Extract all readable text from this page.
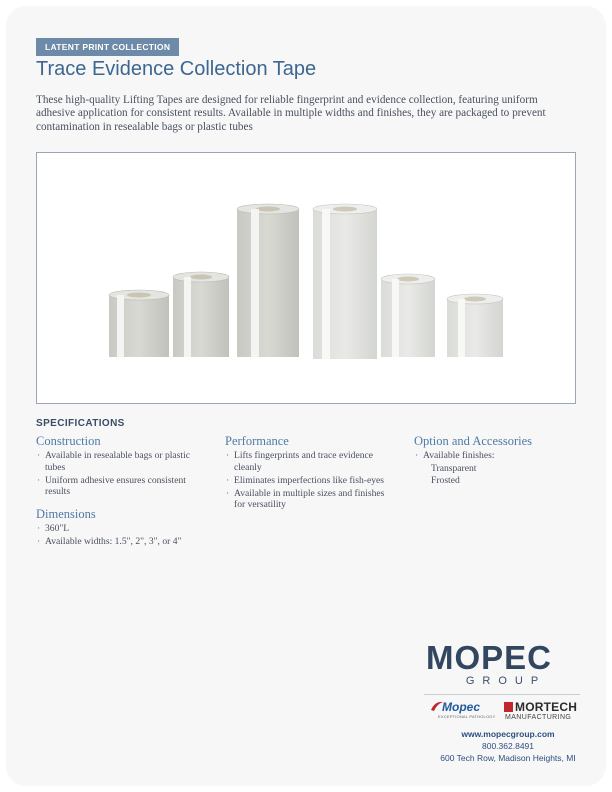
LATENT PRINT COLLECTION
Trace Evidence Collection Tape

These high-quality Lifting Tapes are designed for reliable fingerprint and evidence collection, featuring uniform adhesive application for consistent results. Available in multiple widths and finishes, they are packaged to prevent contamination in resealable bags or plastic tubes

SPECIFICATIONS
Construction
· Available in resealable bags or plastic tubes
· Uniform adhesive ensures consistent results
Dimensions
· 360"L
· Available widths: 1.5", 2", 3", or 4"
Performance
· Lifts fingerprints and trace evidence cleanly
· Eliminates imperfections like fish-eyes
· Available in multiple sizes and finishes for versatility
Option and Accessories
· Available finishes:
Transparent
Frosted
MOPEC
GROUP
Mopec
EXCEPTIONAL PATHOLOGY
MORTECH
MANUFACTURING
www.mopecgroup.com
800.362.8491
600 Tech Row, Madison Heights, MI
